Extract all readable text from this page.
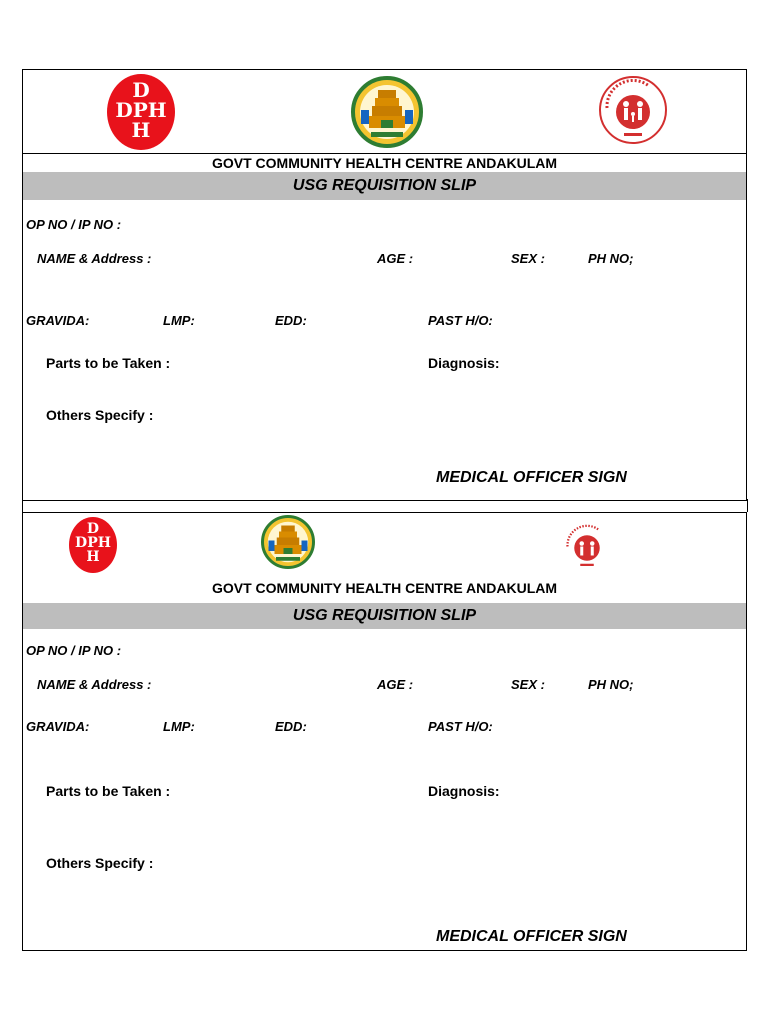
D
DPH
H
GOVT COMMUNITY HEALTH CENTRE ANDAKULAM
USG REQUISITION SLIP
OP NO / IP NO :
NAME & Address :	AGE :	SEX :	PH NO;
GRAVIDA:	LMP:	EDD:	PAST H/O:
Parts to be Taken :	Diagnosis:
Others Specify :
MEDICAL OFFICER SIGN
D
DPH
H
GOVT COMMUNITY HEALTH CENTRE ANDAKULAM
USG REQUISITION SLIP
OP NO / IP NO :
NAME & Address :	AGE :	SEX :	PH NO;
GRAVIDA:	LMP:	EDD:	PAST H/O:
Parts to be Taken :	Diagnosis:
Others Specify :
MEDICAL OFFICER SIGN
